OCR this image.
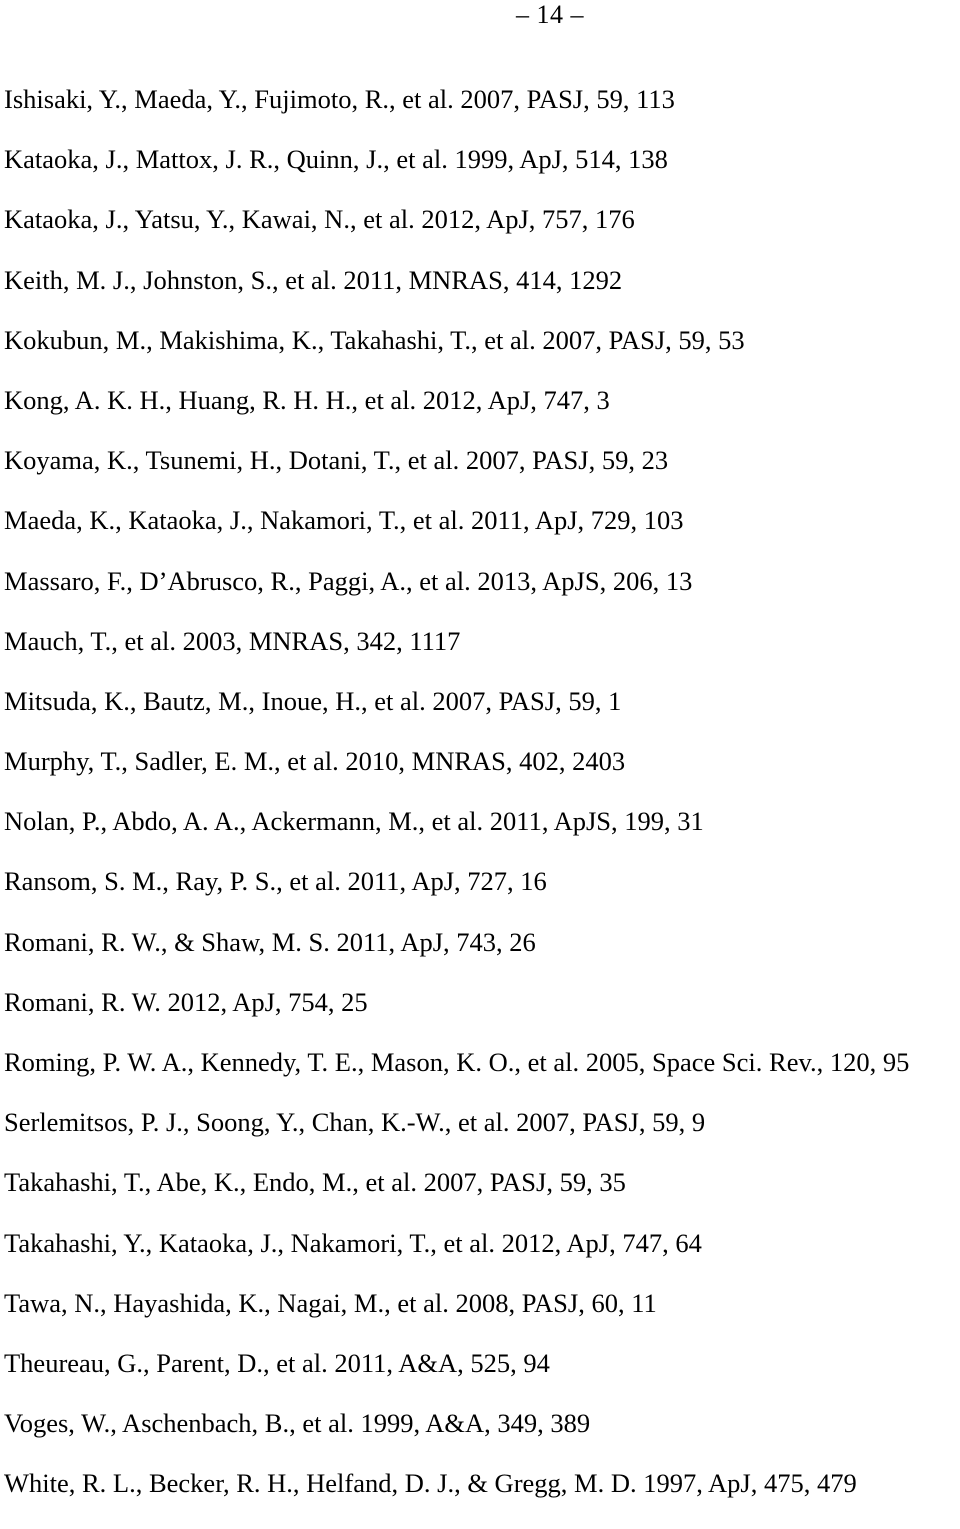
– 14 –
Ishisaki, Y., Maeda, Y., Fujimoto, R., et al. 2007, PASJ, 59, 113
Kataoka, J., Mattox, J. R., Quinn, J., et al. 1999, ApJ, 514, 138
Kataoka, J., Yatsu, Y., Kawai, N., et al. 2012, ApJ, 757, 176
Keith, M. J., Johnston, S., et al. 2011, MNRAS, 414, 1292
Kokubun, M., Makishima, K., Takahashi, T., et al. 2007, PASJ, 59, 53
Kong, A. K. H., Huang, R. H. H., et al. 2012, ApJ, 747, 3
Koyama, K., Tsunemi, H., Dotani, T., et al. 2007, PASJ, 59, 23
Maeda, K., Kataoka, J., Nakamori, T., et al. 2011, ApJ, 729, 103
Massaro, F., D’Abrusco, R., Paggi, A., et al. 2013, ApJS, 206, 13
Mauch, T., et al. 2003, MNRAS, 342, 1117
Mitsuda, K., Bautz, M., Inoue, H., et al. 2007, PASJ, 59, 1
Murphy, T., Sadler, E. M., et al. 2010, MNRAS, 402, 2403
Nolan, P., Abdo, A. A., Ackermann, M., et al. 2011, ApJS, 199, 31
Ransom, S. M., Ray, P. S., et al. 2011, ApJ, 727, 16
Romani, R. W., & Shaw, M. S. 2011, ApJ, 743, 26
Romani, R. W. 2012, ApJ, 754, 25
Roming, P. W. A., Kennedy, T. E., Mason, K. O., et al. 2005, Space Sci. Rev., 120, 95
Serlemitsos, P. J., Soong, Y., Chan, K.-W., et al. 2007, PASJ, 59, 9
Takahashi, T., Abe, K., Endo, M., et al. 2007, PASJ, 59, 35
Takahashi, Y., Kataoka, J., Nakamori, T., et al. 2012, ApJ, 747, 64
Tawa, N., Hayashida, K., Nagai, M., et al. 2008, PASJ, 60, 11
Theureau, G., Parent, D., et al. 2011, A&A, 525, 94
Voges, W., Aschenbach, B., et al. 1999, A&A, 349, 389
White, R. L., Becker, R. H., Helfand, D. J., & Gregg, M. D. 1997, ApJ, 475, 479
